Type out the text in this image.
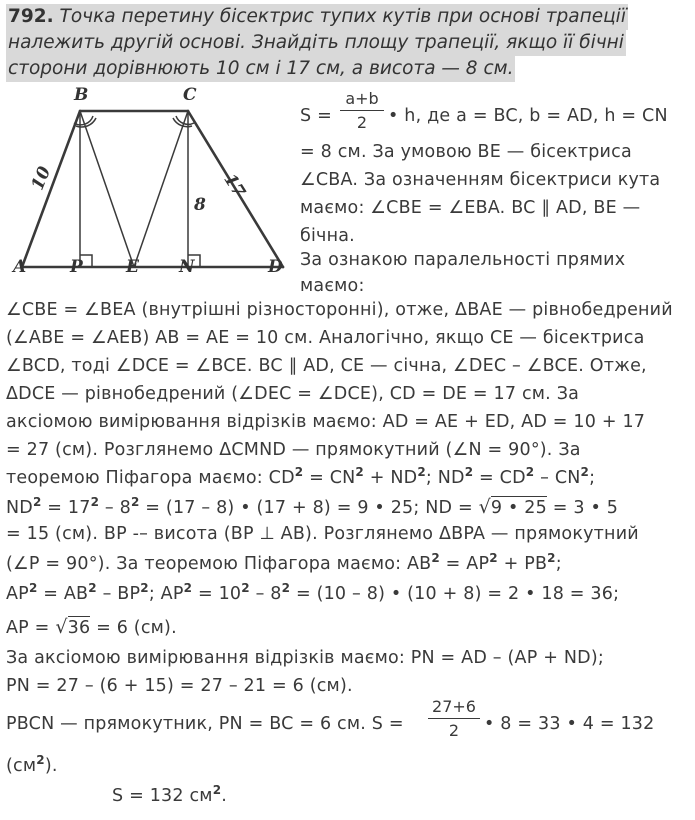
792. Точка перетину бісектрис тупих кутів при основі трапеції
належить другій основі. Знайдіть площу трапеції, якщо її бічні
сторони дорівнюють 10 см і 17 см, а висота — 8 см.
A	P	E N	D
B	C
10	17
8
a+b
2
S =	• h, де a = BC, b = AD, h = CN
= 8 см. За умовою BE — бісектриса
∠CBA. За означенням бісектриси кута
маємо: ∠CBE = ∠EBA. BC ∥ AD, BE —
бічна.
За ознакою паралельності прямих
маємо:
∠CBE = ∠BEA (внутрішні різносторонні), отже, ΔBAE — рівнобедрений
(∠ABE = ∠AEB) AB = AE = 10 см. Аналогічно, якщо CE — бісектриса
∠BCD, тоді ∠DCE = ∠BCE. BC ∥ AD, CE — січна, ∠DEC – ∠BCE. Отже,
ΔDCE — рівнобедрений (∠DEC = ∠DCE), CD = DE = 17 см. За
аксіомою вимірювання відрізків маємо: AD = AE + ED, AD = 10 + 17
= 27 (см). Розглянемо ΔCMND — прямокутний (∠N = 90°). За
теоремою Піфагора маємо: $CD^2 = CN^2 + ND^2$; $ND^2 = CD^2 - CN^2$;
$ND^2 = 17^2 - 8^2 = (17 - 8)$ • (17 + 8) = 9 • 25; ND = √9 • 25 = 3 • 5
= 15 (см). BP -– висота (BP ⊥ AB). Розглянемо ΔBPA — прямокутний
(∠P = 90°). За теоремою Піфагора маємо: $AB^2 = AP^2 + PB^2$;
$AP^2 = AB^2 - BP^2$; $AP^2 = 10^2 - 8^2 = (10 - 8)$ • (10 + 8) = 2 • 18 = 36;
AP = √36 = 6 (см).
За аксіомою вимірювання відрізків маємо: PN = AD – (AP + ND);
PN = 27 – (6 + 15) = 27 – 21 = 6 (см).
PBCN — прямокутник, PN = BC = 6 см. S =
27+6
2	• 8 = 33 • 4 = 132
$(см^2)$.
S = 132 $см^2$.
